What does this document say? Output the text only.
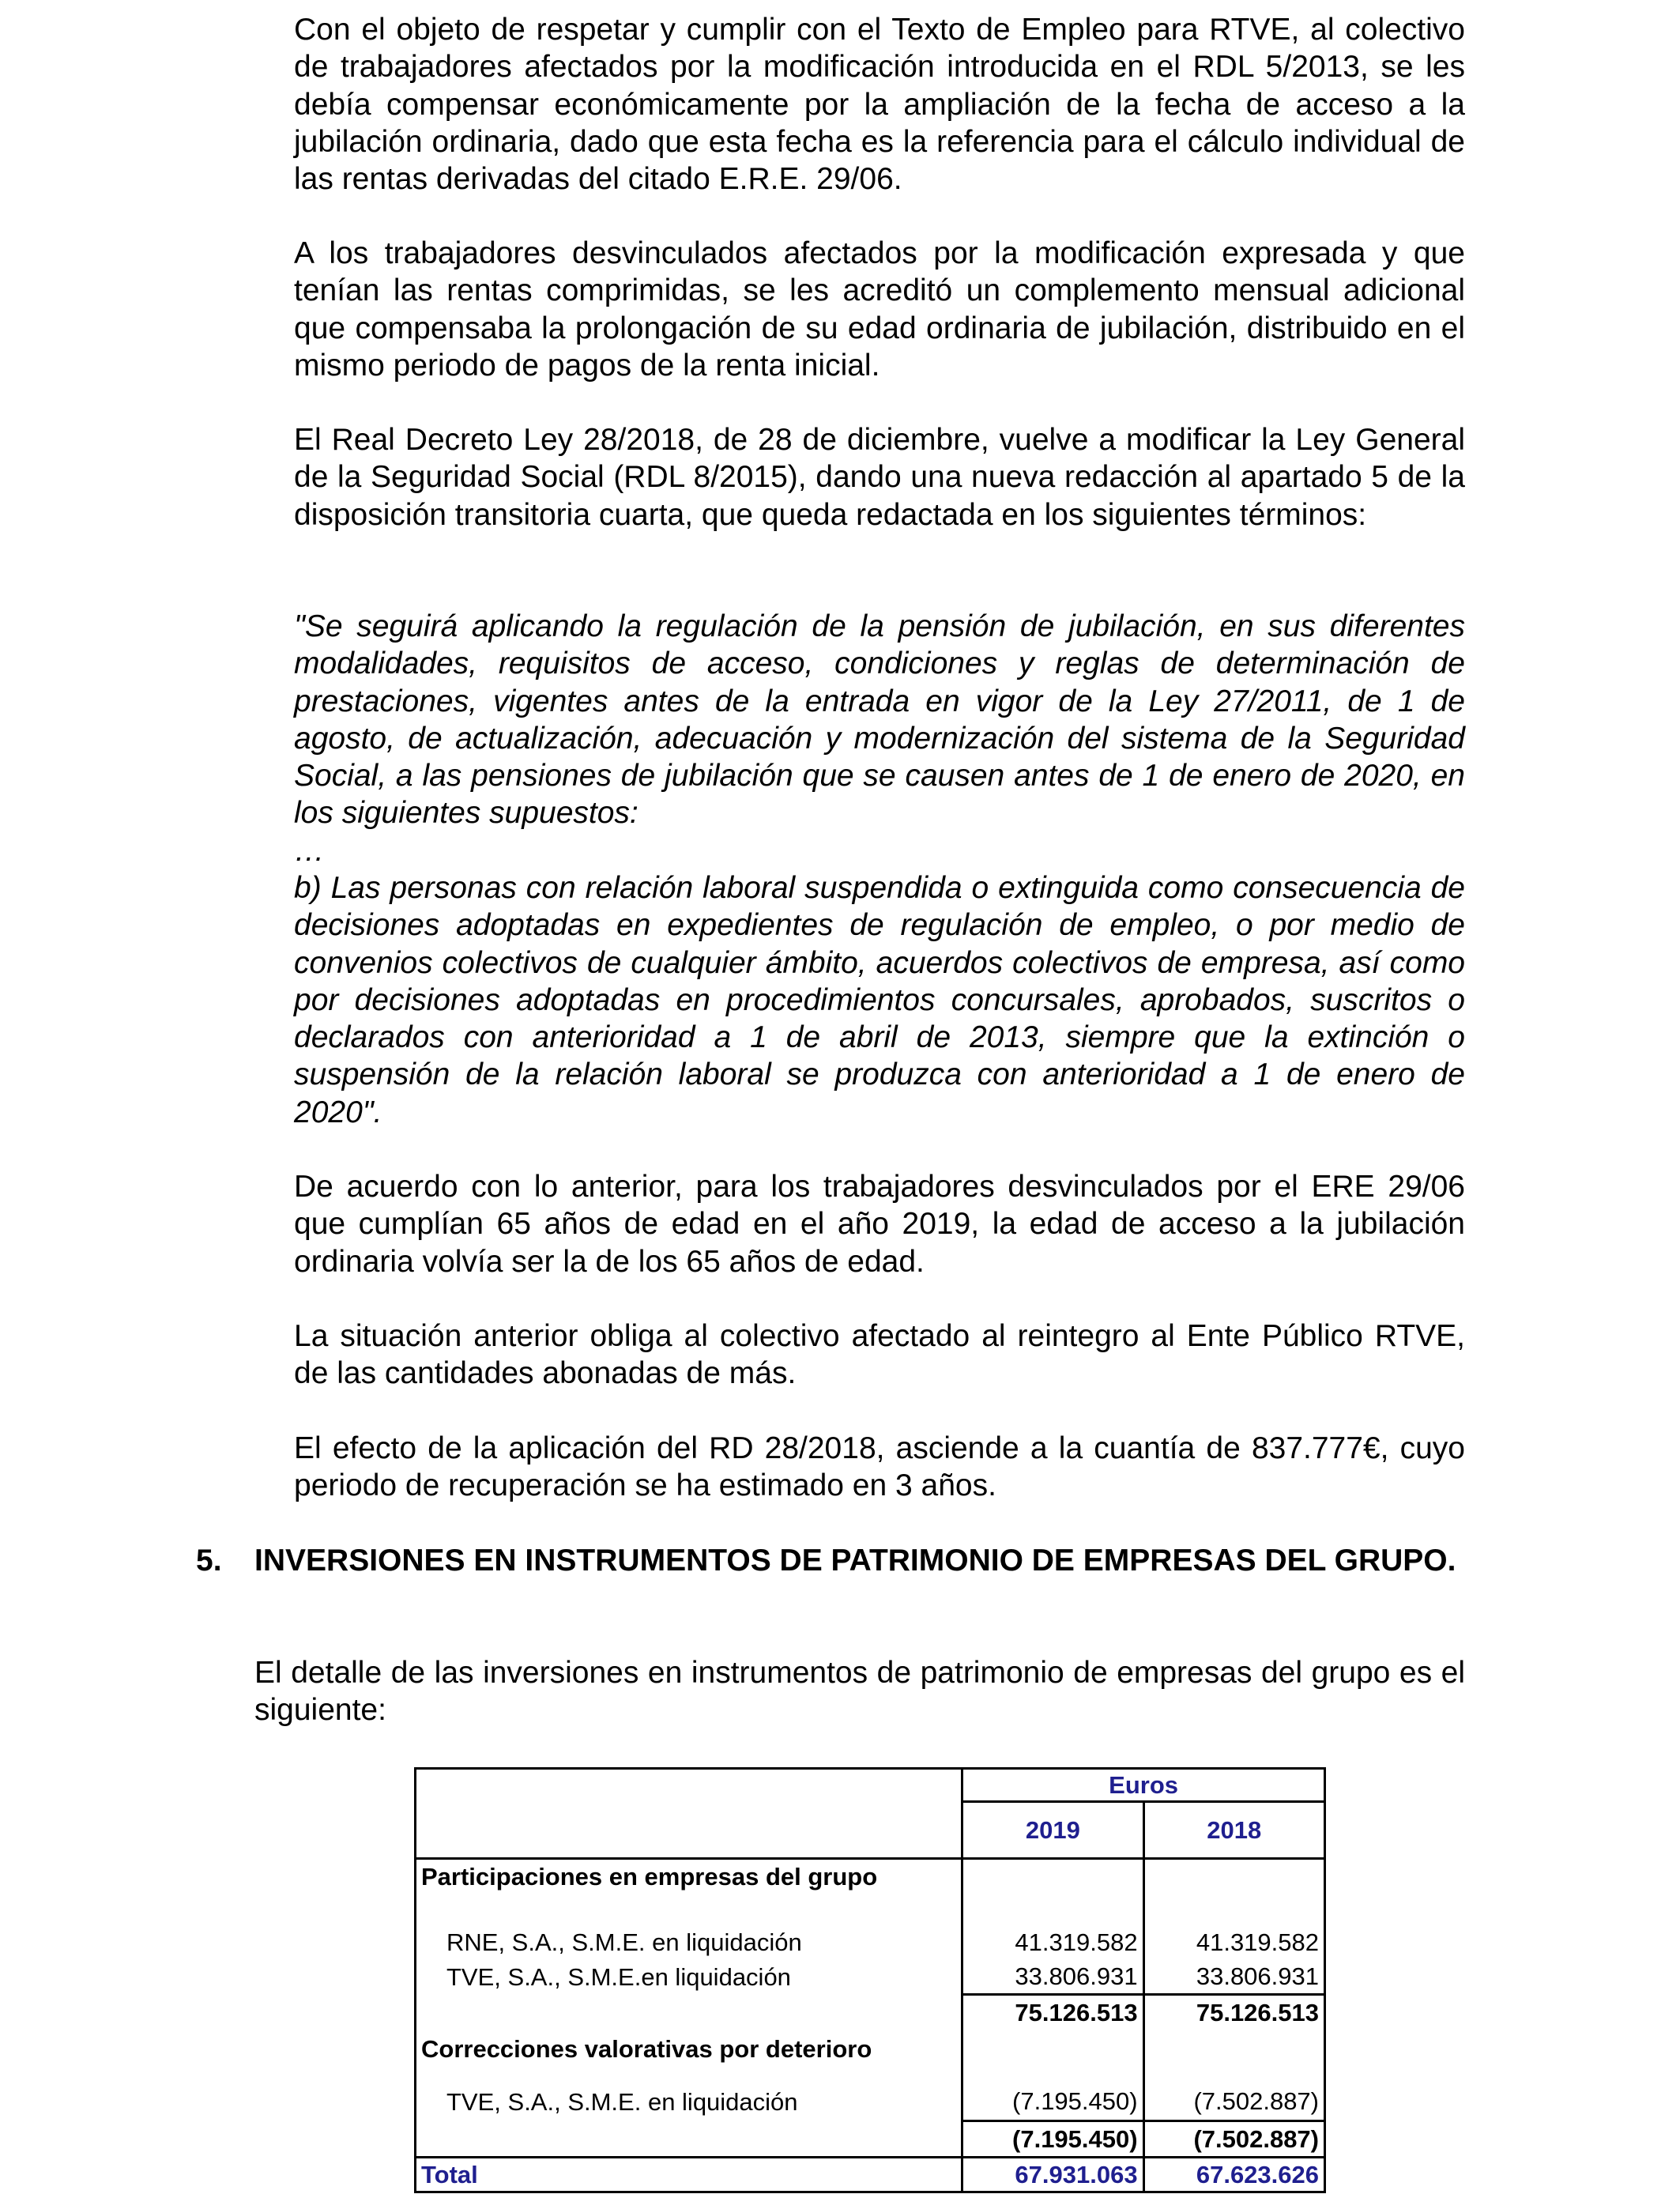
Con el objeto de respetar y cumplir con el Texto de Empleo para RTVE, al colectivo de trabajadores afectados por la modificación introducida en el RDL 5/2013, se les debía compensar económicamente por la ampliación de la fecha de acceso a la jubilación ordinaria, dado que esta fecha es la referencia para el cálculo individual de las rentas derivadas del citado E.R.E. 29/06.

A los trabajadores desvinculados afectados por la modificación expresada y que tenían las rentas comprimidas, se les acreditó un complemento mensual adicional que compensaba la prolongación de su edad ordinaria de jubilación, distribuido en el mismo periodo de pagos de la renta inicial.

El Real Decreto Ley 28/2018, de 28 de diciembre, vuelve a modificar la Ley General de la Seguridad Social (RDL 8/2015), dando una nueva redacción al apartado 5 de la disposición transitoria cuarta, que queda redactada en los siguientes términos:

"Se seguirá aplicando la regulación de la pensión de jubilación, en sus diferentes modalidades, requisitos de acceso, condiciones y reglas de determinación de prestaciones, vigentes antes de la entrada en vigor de la Ley 27/2011, de 1 de agosto, de actualización, adecuación y modernización del sistema de la Seguridad Social, a las pensiones de jubilación que se causen antes de 1 de enero de 2020, en los siguientes supuestos:

…

b) Las personas con relación laboral suspendida o extinguida como consecuencia de decisiones adoptadas en expedientes de regulación de empleo, o por medio de convenios colectivos de cualquier ámbito, acuerdos colectivos de empresa, así como por decisiones adoptadas en procedimientos concursales, aprobados, suscritos o declarados con anterioridad a 1 de abril de 2013, siempre que la extinción o suspensión de la relación laboral se produzca con anterioridad a 1 de enero de 2020".

De acuerdo con lo anterior, para los trabajadores desvinculados por el ERE 29/06 que cumplían 65 años de edad en el año 2019, la edad de acceso a la jubilación ordinaria volvía ser la de los 65 años de edad.

La situación anterior obliga al colectivo afectado al reintegro al Ente Público RTVE, de las cantidades abonadas de más.

El efecto de la aplicación del RD 28/2018, asciende a la cuantía de 837.777€, cuyo periodo de recuperación se ha estimado en 3 años.

5. INVERSIONES EN INSTRUMENTOS DE PATRIMONIO DE EMPRESAS DEL GRUPO.

El detalle de las inversiones en instrumentos de patrimonio de empresas del grupo es el siguiente:

	Euros	
	2019	2018
Participaciones en empresas del grupo		

RNE, S.A., S.M.E. en liquidación	41.319.582	41.319.582
TVE, S.A., S.M.E.en liquidación	33.806.931	33.806.931
	75.126.513	75.126.513
Correcciones valorativas por deterioro		

TVE, S.A., S.M.E. en liquidación	(7.195.450)	(7.502.887)
	(7.195.450)	(7.502.887)
Total	67.931.063	67.623.626
